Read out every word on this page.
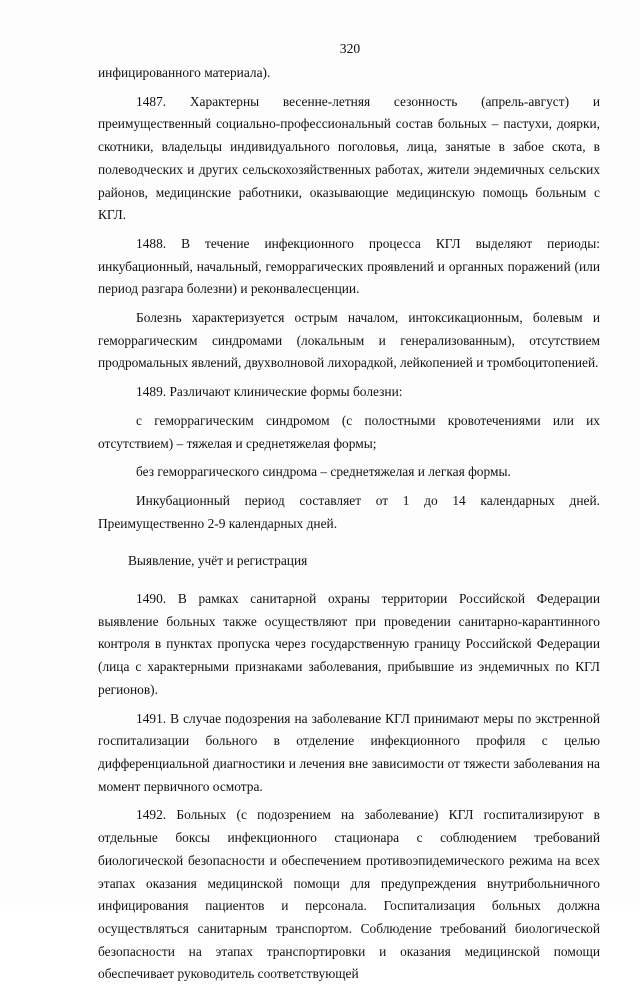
320

инфицированного материала).

1487. Характерны весенне-летняя сезонность (апрель-август) и преимущественный социально-профессиональный состав больных – пастухи, доярки, скотники, владельцы индивидуального поголовья, лица, занятые в забое скота, в полеводческих и других сельскохозяйственных работах, жители эндемичных сельских районов, медицинские работники, оказывающие медицинскую помощь больным с КГЛ.

1488. В течение инфекционного процесса КГЛ выделяют периоды: инкубационный, начальный, геморрагических проявлений и органных поражений (или период разгара болезни) и реконвалесценции.

Болезнь характеризуется острым началом, интоксикационным, болевым и геморрагическим синдромами (локальным и генерализованным), отсутствием продромальных явлений, двухволновой лихорадкой, лейкопенией и тромбоцитопенией.

1489. Различают клинические формы болезни:

с геморрагическим синдромом (с полостными кровотечениями или их отсутствием) – тяжелая и среднетяжелая формы;

без геморрагического синдрома – среднетяжелая и легкая формы.

Инкубационный период составляет от 1 до 14 календарных дней. Преимущественно 2-9 календарных дней.

Выявление, учёт и регистрация

1490. В рамках санитарной охраны территории Российской Федерации выявление больных также осуществляют при проведении санитарно-карантинного контроля в пунктах пропуска через государственную границу Российской Федерации (лица с характерными признаками заболевания, прибывшие из эндемичных по КГЛ регионов).

1491. В случае подозрения на заболевание КГЛ принимают меры по экстренной госпитализации больного в отделение инфекционного профиля с целью дифференциальной диагностики и лечения вне зависимости от тяжести заболевания на момент первичного осмотра.

1492. Больных (с подозрением на заболевание) КГЛ госпитализируют в отдельные боксы инфекционного стационара с соблюдением требований биологической безопасности и обеспечением противоэпидемического режима на всех этапах оказания медицинской помощи для предупреждения внутрибольничного инфицирования пациентов и персонала. Госпитализация больных должна осуществляться санитарным транспортом. Соблюдение требований биологической безопасности на этапах транспортировки и оказания медицинской помощи обеспечивает руководитель соответствующей
